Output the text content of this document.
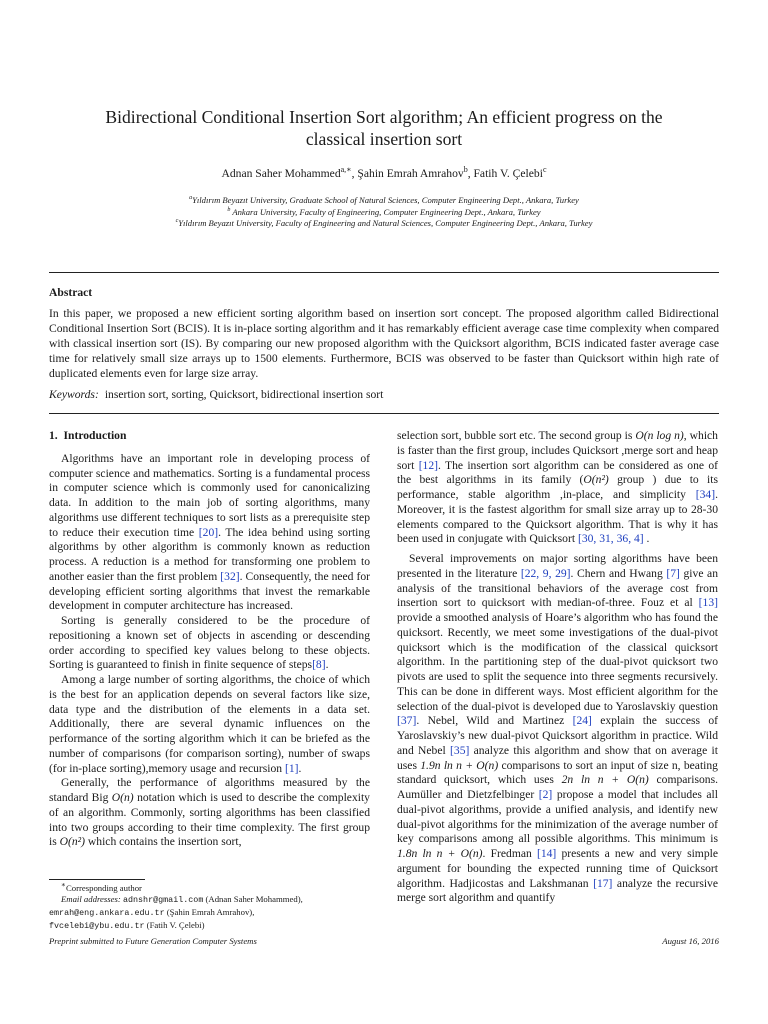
Bidirectional Conditional Insertion Sort algorithm; An efficient progress on the classical insertion sort
Adnan Saher Mohammed$^{a,∗}$, Şahin Emrah Amrahov$^b$, Fatih V. Çelebi$^c$
$^a$Yıldırım Beyazıt University, Graduate School of Natural Sciences, Computer Engineering Dept., Ankara, Turkey
$^b$ Ankara University, Faculty of Engineering, Computer Engineering Dept., Ankara, Turkey
$^c$Yıldırım Beyazıt University, Faculty of Engineering and Natural Sciences, Computer Engineering Dept., Ankara, Turkey
Abstract
In this paper, we proposed a new efficient sorting algorithm based on insertion sort concept. The proposed algorithm called Bidirectional Conditional Insertion Sort (BCIS). It is in-place sorting algorithm and it has remarkably efficient average case time complexity when compared with classical insertion sort (IS). By comparing our new proposed algorithm with the Quicksort algorithm, BCIS indicated faster average case time for relatively small size arrays up to 1500 elements. Furthermore, BCIS was observed to be faster than Quicksort within high rate of duplicated elements even for large size array.
Keywords: insertion sort, sorting, Quicksort, bidirectional insertion sort
1. Introduction

Algorithms have an important role in developing process of computer science and mathematics. Sorting is a fundamental process in computer science which is commonly used for canonicalizing data. In addition to the main job of sorting algorithms, many algorithms use different techniques to sort lists as a prerequisite step to reduce their execution time [20]. The idea behind using sorting algorithms by other algorithm is commonly known as reduction process. A reduction is a method for transforming one problem to another easier than the first problem [32]. Consequently, the need for developing efficient sorting algorithms that invest the remarkable development in computer architecture has increased.

Sorting is generally considered to be the procedure of repositioning a known set of objects in ascending or descending order according to specified key values belong to these objects. Sorting is guaranteed to finish in finite sequence of steps[8].

Among a large number of sorting algorithms, the choice of which is the best for an application depends on several factors like size, data type and the distribution of the elements in a data set. Additionally, there are several dynamic influences on the performance of the sorting algorithm which it can be briefed as the number of comparisons (for comparison sorting), number of swaps (for in-place sorting),memory usage and recursion [1].

Generally, the performance of algorithms measured by the standard Big O(n) notation which is used to describe the complexity of an algorithm. Commonly, sorting algorithms has been classified into two groups according to their time complexity. The first group is O(n²) which contains the insertion sort,

selection sort, bubble sort etc. The second group is O(n log n), which is faster than the first group, includes Quicksort ,merge sort and heap sort [12]. The insertion sort algorithm can be considered as one of the best algorithms in its family (O(n²) group ) due to its performance, stable algorithm ,in-place, and simplicity [34]. Moreover, it is the fastest algorithm for small size array up to 28-30 elements compared to the Quicksort algorithm. That is why it has been used in conjugate with Quicksort [30, 31, 36, 4] .

Several improvements on major sorting algorithms have been presented in the literature [22, 9, 29]. Chern and Hwang [7] give an analysis of the transitional behaviors of the average cost from insertion sort to quicksort with median-of-three. Fouz et al [13] provide a smoothed analysis of Hoare’s algorithm who has found the quicksort. Recently, we meet some investigations of the dual-pivot quicksort which is the modification of the classical quicksort algorithm. In the partitioning step of the dual-pivot quicksort two pivots are used to split the sequence into three segments recursively. This can be done in different ways. Most efficient algorithm for the selection of the dual-pivot is developed due to Yaroslavskiy question [37]. Nebel, Wild and Martinez [24] explain the success of Yaroslavskiy’s new dual-pivot Quicksort algorithm in practice. Wild and Nebel [35] analyze this algorithm and show that on average it uses 1.9n ln n + O(n) comparisons to sort an input of size n, beating standard quicksort, which uses 2n ln n + O(n) comparisons. Aumüller and Dietzfelbinger [2] propose a model that includes all dual-pivot algorithms, provide a unified analysis, and identify new dual-pivot algorithms for the minimization of the average number of key comparisons among all possible algorithms. This minimum is 1.8n ln n + O(n). Fredman [14] presents a new and very simple argument for bounding the expected running time of Quicksort algorithm. Hadjicostas and Lakshmanan [17] analyze the recursive merge sort algorithm and quantify

∗Corresponding author
Email addresses: adnshr@gmail.com (Adnan Saher Mohammed),
emrah@eng.ankara.edu.tr (Şahin Emrah Amrahov),
fvcelebi@ybu.edu.tr (Fatih V. Çelebi)
Preprint submitted to Future Generation Computer Systems	August 16, 2016
